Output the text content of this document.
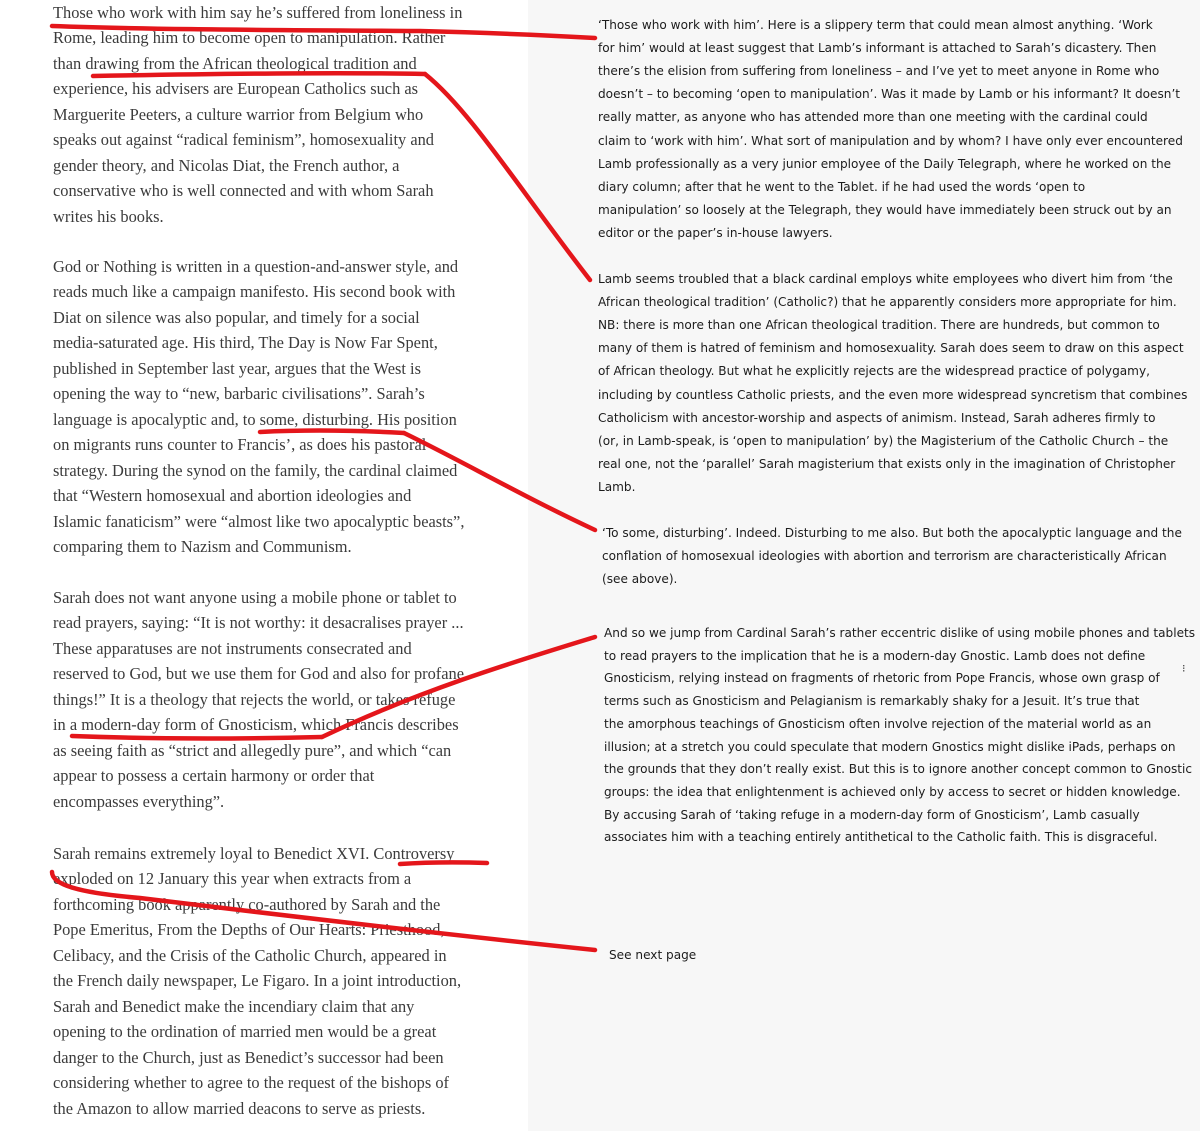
Those who work with him say he’s suffered from loneliness in
Rome, leading him to become open to manipulation. Rather
than drawing from the African theological tradition and
experience, his advisers are European Catholics such as
Marguerite Peeters, a culture warrior from Belgium who
speaks out against “radical feminism”, homosexuality and
gender theory, and Nicolas Diat, the French author, a
conservative who is well connected and with whom Sarah
writes his books.
God or Nothing is written in a question-and-answer style, and
reads much like a campaign manifesto. His second book with
Diat on silence was also popular, and timely for a social
media-saturated age. His third, The Day is Now Far Spent,
published in September last year, argues that the West is
opening the way to “new, barbaric civilisations”. Sarah’s
language is apocalyptic and, to some, disturbing. His position
on migrants runs counter to Francis’, as does his pastoral
strategy. During the synod on the family, the cardinal claimed
that “Western homosexual and abortion ideologies and
Islamic fanaticism” were “almost like two apocalyptic beasts”,
comparing them to Nazism and Communism.
Sarah does not want anyone using a mobile phone or tablet to
read prayers, saying: “It is not worthy: it desacralises prayer ...
These apparatuses are not instruments consecrated and
reserved to God, but we use them for God and also for profane
things!” It is a theology that rejects the world, or takes refuge
in a modern-day form of Gnosticism, which Francis describes
as seeing faith as “strict and allegedly pure”, and which “can
appear to possess a certain harmony or order that
encompasses everything”.
Sarah remains extremely loyal to Benedict XVI. Controversy
exploded on 12 January this year when extracts from a
forthcoming book apparently co-authored by Sarah and the
Pope Emeritus, From the Depths of Our Hearts: Priesthood,
Celibacy, and the Crisis of the Catholic Church, appeared in
the French daily newspaper, Le Figaro. In a joint introduction,
Sarah and Benedict make the incendiary claim that any
opening to the ordination of married men would be a great
danger to the Church, just as Benedict’s successor had been
considering whether to agree to the request of the bishops of
the Amazon to allow married deacons to serve as priests.
‘Those who work with him’. Here is a slippery term that could mean almost anything. ‘Work
for him’ would at least suggest that Lamb’s informant is attached to Sarah’s dicastery. Then
there’s the elision from suffering from loneliness – and I’ve yet to meet anyone in Rome who
doesn’t – to becoming ‘open to manipulation’. Was it made by Lamb or his informant? It doesn’t
really matter, as anyone who has attended more than one meeting with the cardinal could
claim to ‘work with him’. What sort of manipulation and by whom? I have only ever encountered
Lamb professionally as a very junior employee of the Daily Telegraph, where he worked on the
diary column; after that he went to the Tablet. if he had used the words ‘open to
manipulation’ so loosely at the Telegraph, they would have immediately been struck out by an
editor or the paper’s in-house lawyers.
Lamb seems troubled that a black cardinal employs white employees who divert him from ‘the
African theological tradition’ (Catholic?) that he apparently considers more appropriate for him.
NB: there is more than one African theological tradition. There are hundreds, but common to
many of them is hatred of feminism and homosexuality. Sarah does seem to draw on this aspect
of African theology. But what he explicitly rejects are the widespread practice of polygamy,
including by countless Catholic priests, and the even more widespread syncretism that combines
Catholicism with ancestor-worship and aspects of animism. Instead, Sarah adheres firmly to
(or, in Lamb-speak, is ‘open to manipulation’ by) the Magisterium of the Catholic Church – the
real one, not the ‘parallel’ Sarah magisterium that exists only in the imagination of Christopher
Lamb.
‘To some, disturbing’. Indeed. Disturbing to me also. But both the apocalyptic language and the
conflation of homosexual ideologies with abortion and terrorism are characteristically African
(see above).
And so we jump from Cardinal Sarah’s rather eccentric dislike of using mobile phones and tablets
to read prayers to the implication that he is a modern-day Gnostic. Lamb does not define
Gnosticism, relying instead on fragments of rhetoric from Pope Francis, whose own grasp of
terms such as Gnosticism and Pelagianism is remarkably shaky for a Jesuit. It’s true that
the amorphous teachings of Gnosticism often involve rejection of the material world as an
illusion; at a stretch you could speculate that modern Gnostics might dislike iPads, perhaps on
the grounds that they don’t really exist. But this is to ignore another concept common to Gnostic
groups: the idea that enlightenment is achieved only by access to secret or hidden knowledge.
By accusing Sarah of ‘taking refuge in a modern-day form of Gnosticism’, Lamb casually
associates him with a teaching entirely antithetical to the Catholic faith. This is disgraceful.
See next page
⁝
